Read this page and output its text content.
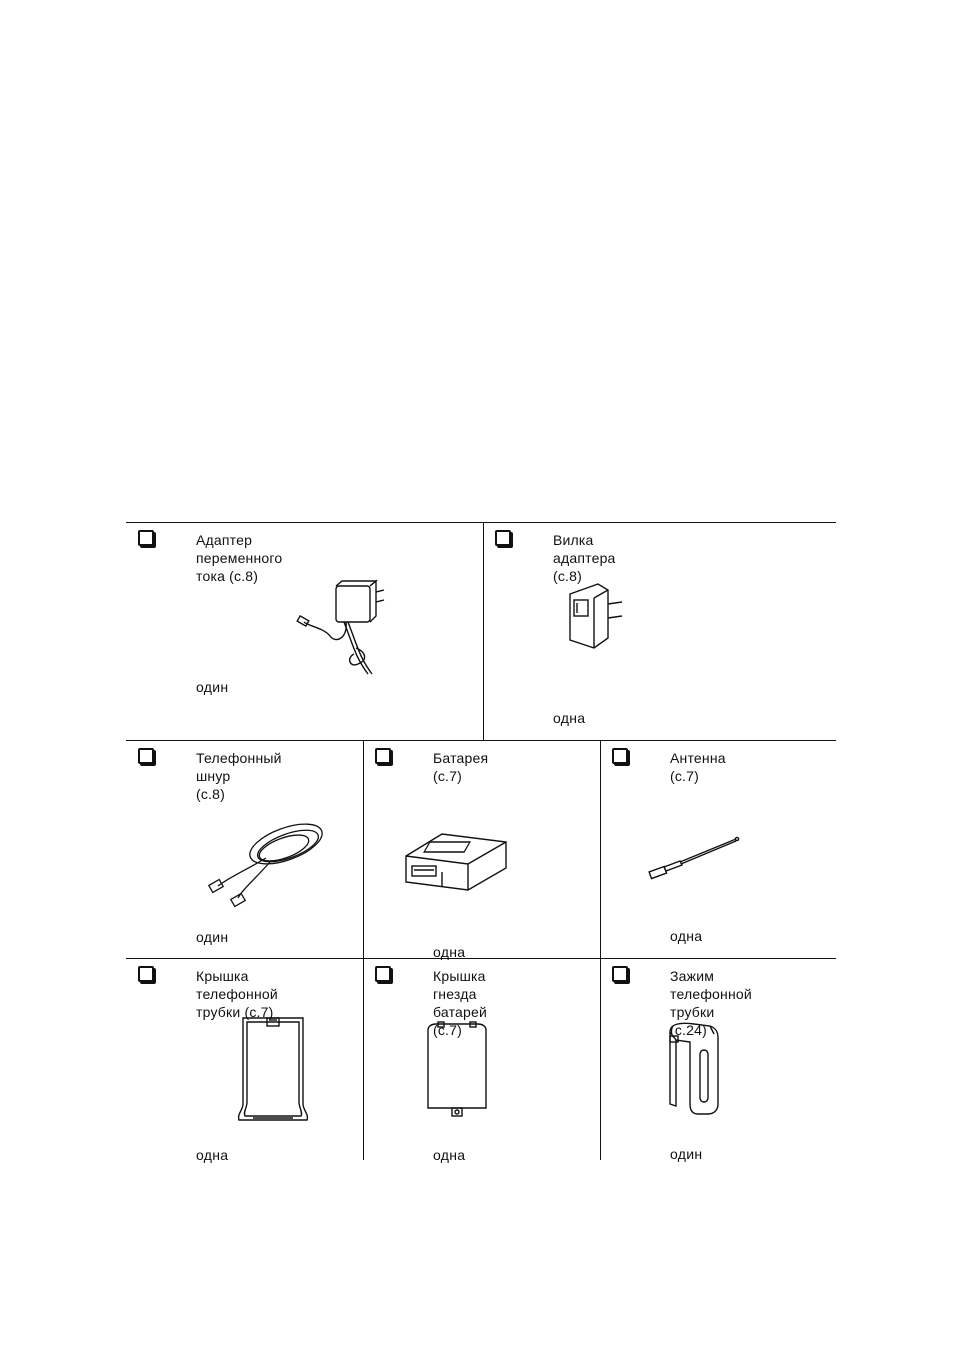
Адаптер переменного тока (с.8)
один
Вилка адаптера (с.8)
одна
Телефонный шнур
(с.8)
один
Батарея (с.7)
одна
Антенна (с.7)
одна
Крышка телефонной
трубки (с.7)
одна
Крышка гнезда
батарей (с.7)
одна
Зажим телефонной
трубки (с.24)
один
